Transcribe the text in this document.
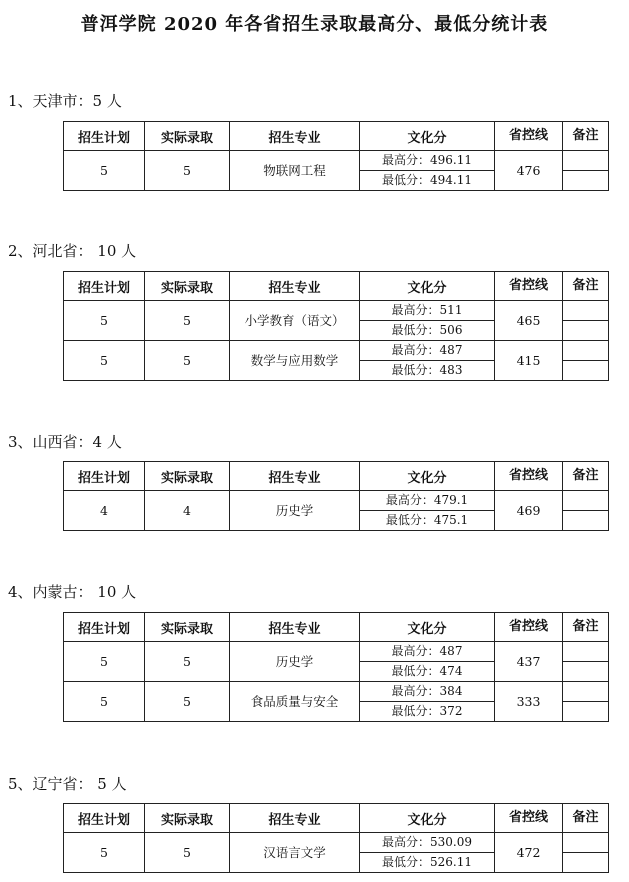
普洱学院 2020 年各省招生录取最高分、最低分统计表
1、天津市：5 人
招生计划	实际录取	招生专业	文化分	省控线	备注
5	5	物联网工程	最高分：496.11	476	
			最低分：494.11		
2、河北省： 10 人
招生计划	实际录取	招生专业	文化分	省控线	备注
5	5	小学教育（语文）	最高分：511	465	
			最低分：506		
5	5	数学与应用数学	最高分：487	415	
			最低分：483		
3、山西省：4 人
招生计划	实际录取	招生专业	文化分	省控线	备注
4	4	历史学	最高分：479.1	469	
			最低分：475.1		
4、内蒙古： 10 人
招生计划	实际录取	招生专业	文化分	省控线	备注
5	5	历史学	最高分：487	437	
			最低分：474		
5	5	食品质量与安全	最高分：384	333	
			最低分：372		
5、辽宁省： 5 人
招生计划	实际录取	招生专业	文化分	省控线	备注
5	5	汉语言文学	最高分：530.09	472	
			最低分：526.11		
